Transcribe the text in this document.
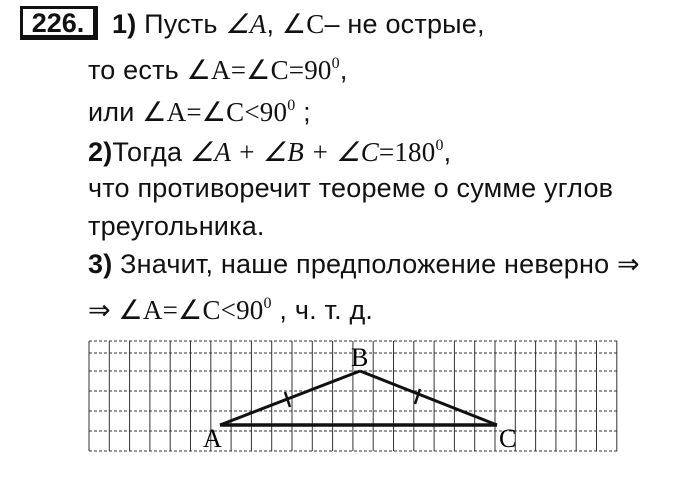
226.	1) Пусть ∠A, ∠C– не острые,
то есть $\angle A=\angle C=90^0$,
или $\angle A=\angle C<90^0$ ;
2)Тогда ∠A + ∠B + $\angle C=180^0$,
что противоречит теореме о сумме углов
треугольника.
3) Значит, наше предположение неверно ⇒
⇒ $\angle A=\angle C<90^0$ , ч. т. д.
A
B
C
